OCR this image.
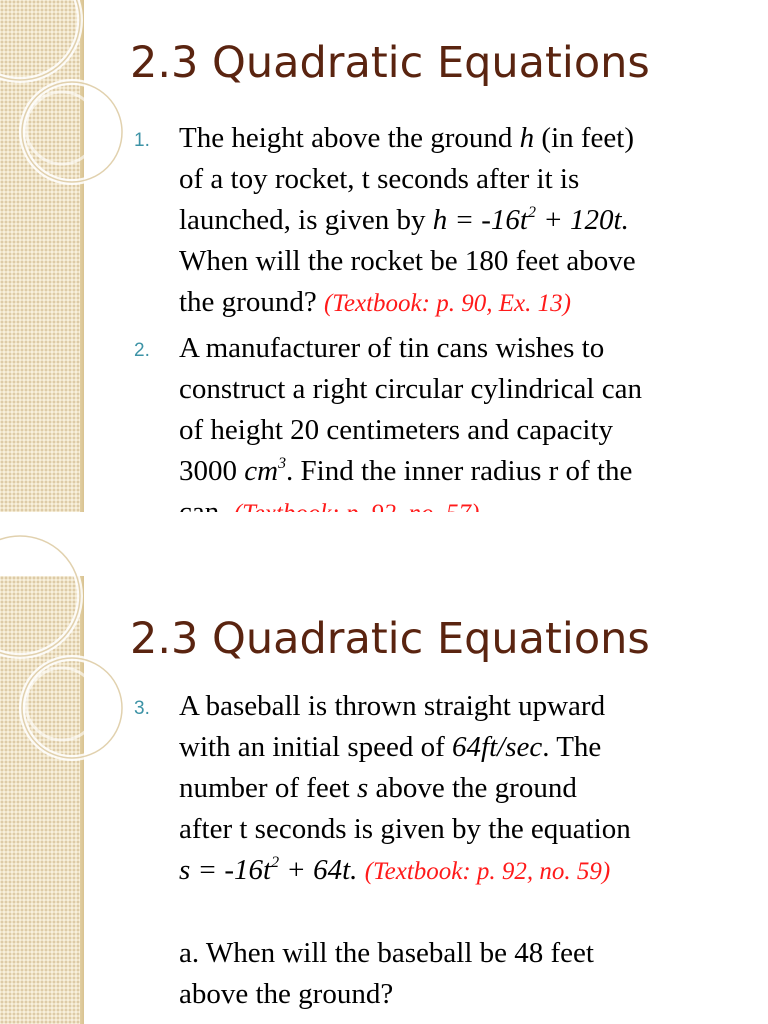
2.3 Quadratic Equations
1. The height above the ground h (in feet)
of a toy rocket, t seconds after it is
launched, is given by $h = -16t^2 + 120t$.
When will the rocket be 180 feet above
the ground? (Textbook: p. 90, Ex. 13)
2. A manufacturer of tin cans wishes to
construct a right circular cylindrical can
of height 20 centimeters and capacity
3000 $cm^3$. Find the inner radius r of the
2.3 Quadratic Equations
3. A baseball is thrown straight upward
with an initial speed of 64ft/sec. The
number of feet s above the ground
after t seconds is given by the equation
$s = -16t^2 + 64t$. (Textbook: p. 92, no. 59)
a. When will the baseball be 48 feet
above the ground?
